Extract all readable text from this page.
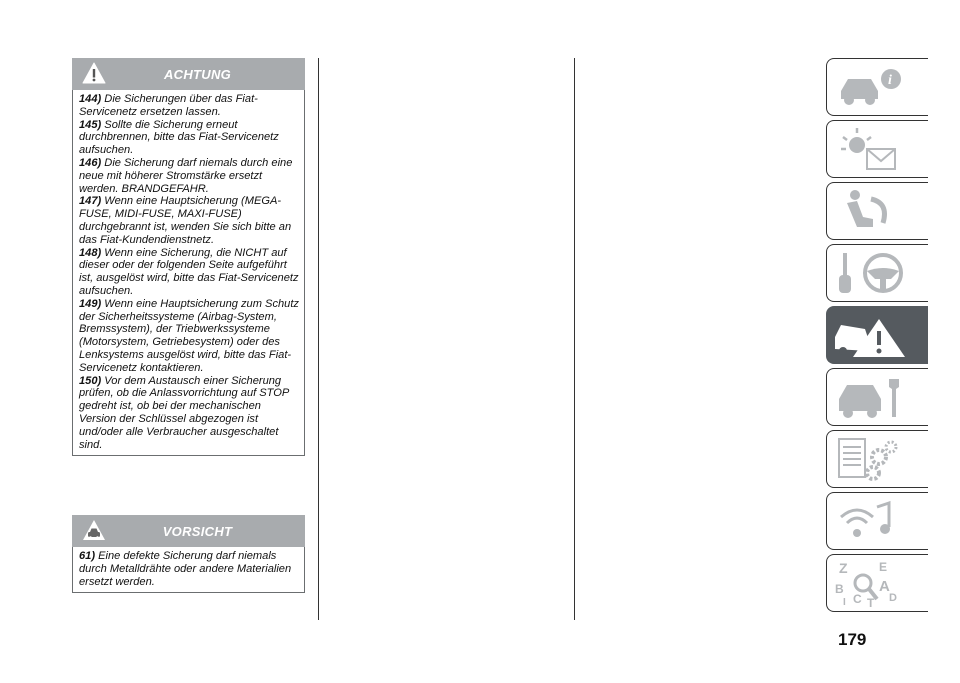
ACHTUNG
144) Die Sicherungen über das Fiat-Servicenetz ersetzen lassen.
145) Sollte die Sicherung erneut durchbrennen, bitte das Fiat-Servicenetz aufsuchen.
146) Die Sicherung darf niemals durch eine neue mit höherer Stromstärke ersetzt werden. BRANDGEFAHR.
147) Wenn eine Hauptsicherung (MEGA-FUSE, MIDI-FUSE, MAXI-FUSE) durchgebrannt ist, wenden Sie sich bitte an das Fiat-Kundendienstnetz.
148) Wenn eine Sicherung, die NICHT auf dieser oder der folgenden Seite aufgeführt ist, ausgelöst wird, bitte das Fiat-Servicenetz aufsuchen.
149) Wenn eine Hauptsicherung zum Schutz der Sicherheitssysteme (Airbag-System, Bremssystem), der Triebwerkssysteme (Motorsystem, Getriebesystem) oder des Lenksystems ausgelöst wird, bitte das Fiat-Servicenetz kontaktieren.
150) Vor dem Austausch einer Sicherung prüfen, ob die Anlassvorrichtung auf STOP gedreht ist, ob bei der mechanischen Version der Schlüssel abgezogen ist und/oder alle Verbraucher ausgeschaltet sind.
VORSICHT
61) Eine defekte Sicherung darf niemals durch Metalldrähte oder andere Materialien ersetzt werden.
i
Z	E
B A
C D
I T
179
